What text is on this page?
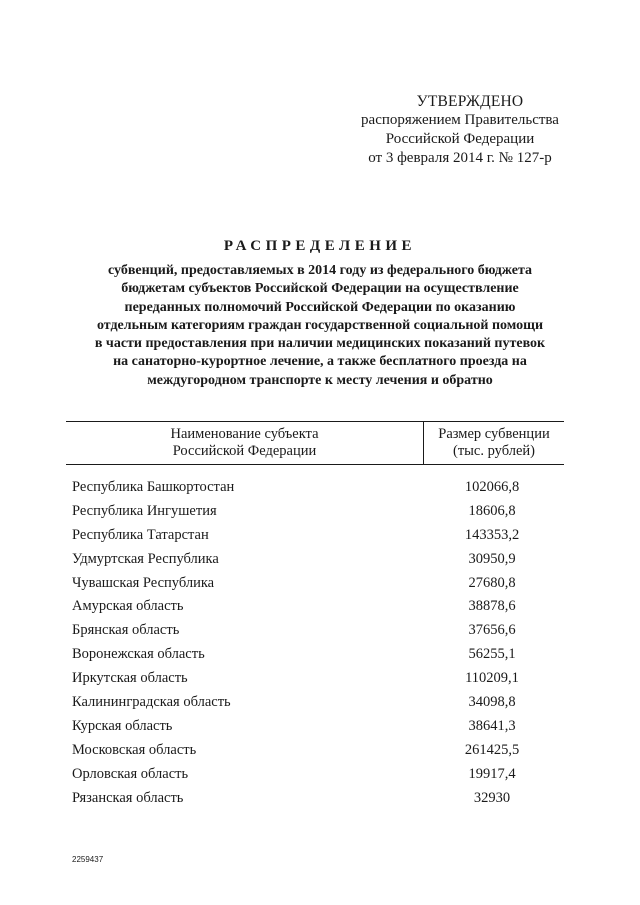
УТВЕРЖДЕНО
распоряжением Правительства
Российской Федерации
от 3 февраля 2014 г. № 127-р
РАСПРЕДЕЛЕНИЕ
субвенций, предоставляемых в 2014 году из федерального бюджета
бюджетам субъектов Российской Федерации на осуществление
переданных полномочий Российской Федерации по оказанию
отдельным категориям граждан государственной социальной помощи
в части предоставления при наличии медицинских показаний путевок
на санаторно-курортное лечение, а также бесплатного проезда на
междугородном транспорте к месту лечения и обратно
Наименование субъекта
Российской Федерации
Размер субвенции
(тыс. рублей)
Республика Башкортостан	102066,8
Республика Ингушетия	18606,8
Республика Татарстан	143353,2
Удмуртская Республика	30950,9
Чувашская Республика	27680,8
Амурская область	38878,6
Брянская область	37656,6
Воронежская область	56255,1
Иркутская область	110209,1
Калининградская область	34098,8
Курская область	38641,3
Московская область	261425,5
Орловская область	19917,4
Рязанская область	32930
2259437
